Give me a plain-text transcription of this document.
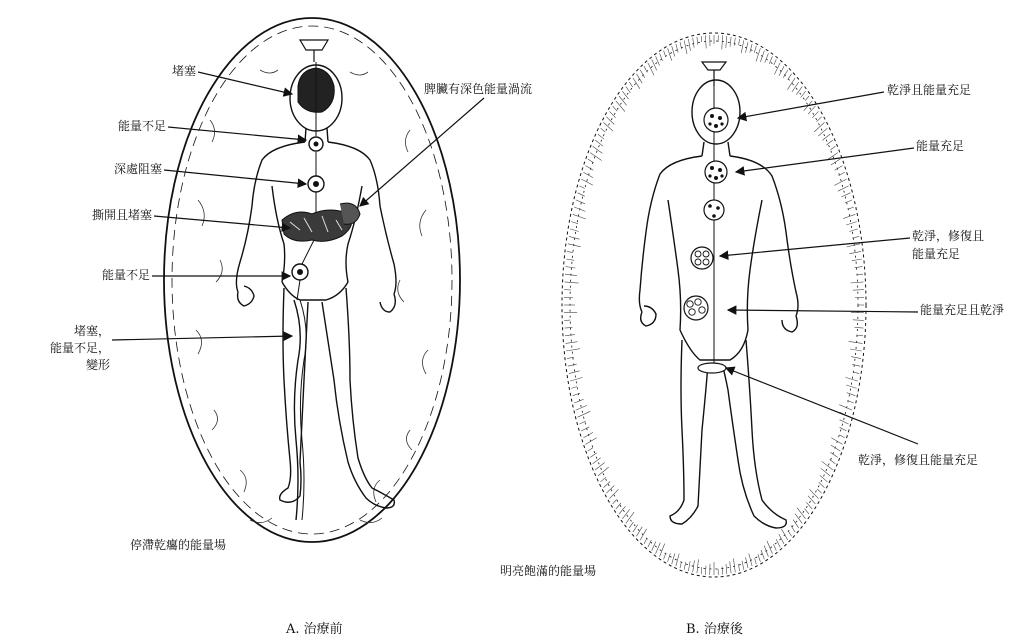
堵塞
能量不足
深處阻塞
撕開且堵塞
能量不足
堵塞，
能量不足，
變形
脾臟有深色能量渦流
停滯乾癟的能量場
A. 治療前
乾淨且能量充足
能量充足
乾淨，修復且
能量充足
能量充足且乾淨
乾淨，修復且能量充足
明亮飽滿的能量場
B. 治療後
